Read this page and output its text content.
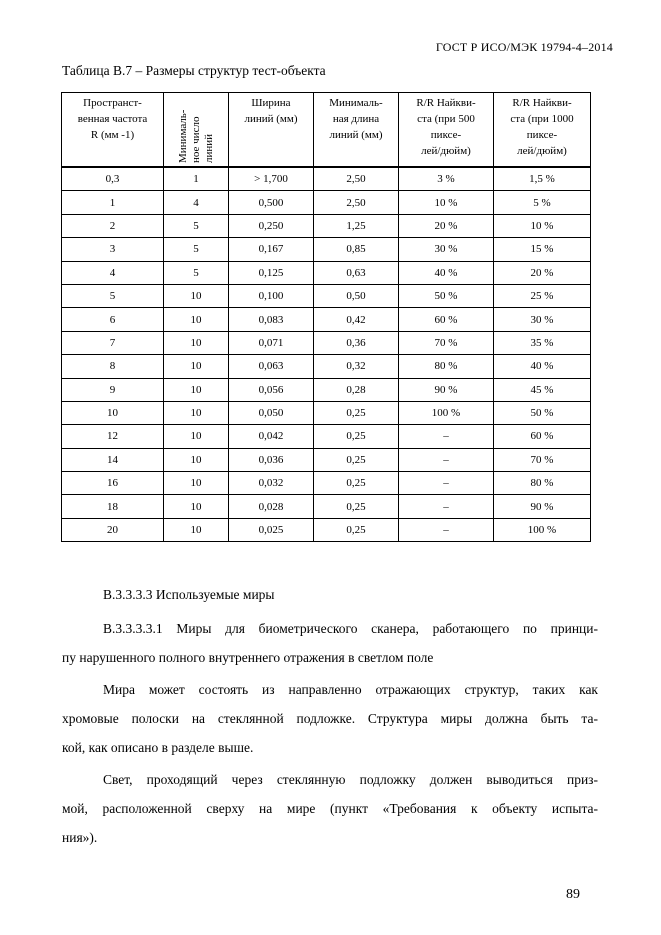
ГОСТ Р ИСО/МЭК 19794-4–2014
Таблица В.7 – Размеры структур тест-объекта
Пространст-
венная частота
R (мм -1)	Минималь-
ное число
линий	Ширина
линий (мм)	Минималь-
ная длина
линий (мм)	R/R Найкви-
ста (при 500
пиксе-
лей/дюйм)	R/R Найкви-
ста (при 1000
пиксе-
лей/дюйм)
0,3	1	> 1,700	2,50	3 %	1,5 %
1	4	0,500	2,50	10 %	5 %
2	5	0,250	1,25	20 %	10 %
3	5	0,167	0,85	30 %	15 %
4	5	0,125	0,63	40 %	20 %
5	10	0,100	0,50	50 %	25 %
6	10	0,083	0,42	60 %	30 %
7	10	0,071	0,36	70 %	35 %
8	10	0,063	0,32	80 %	40 %
9	10	0,056	0,28	90 %	45 %
10	10	0,050	0,25	100 %	50 %
12	10	0,042	0,25	–	60 %
14	10	0,036	0,25	–	70 %
16	10	0,032	0,25	–	80 %
18	10	0,028	0,25	–	90 %
20	10	0,025	0,25	–	100 %
В.3.3.3.3 Используемые миры
В.3.3.3.3.1 Миры для биометрического сканера, работающего по принци-
пу нарушенного полного внутреннего отражения в светлом поле
Мира может состоять из направленно отражающих структур, таких как
хромовые полоски на стеклянной подложке. Структура миры должна быть та-
кой, как описано в разделе выше.
Свет, проходящий через стеклянную подложку должен выводиться приз-
мой, расположенной сверху на мире (пункт «Требования к объекту испыта-
ния»).
89
